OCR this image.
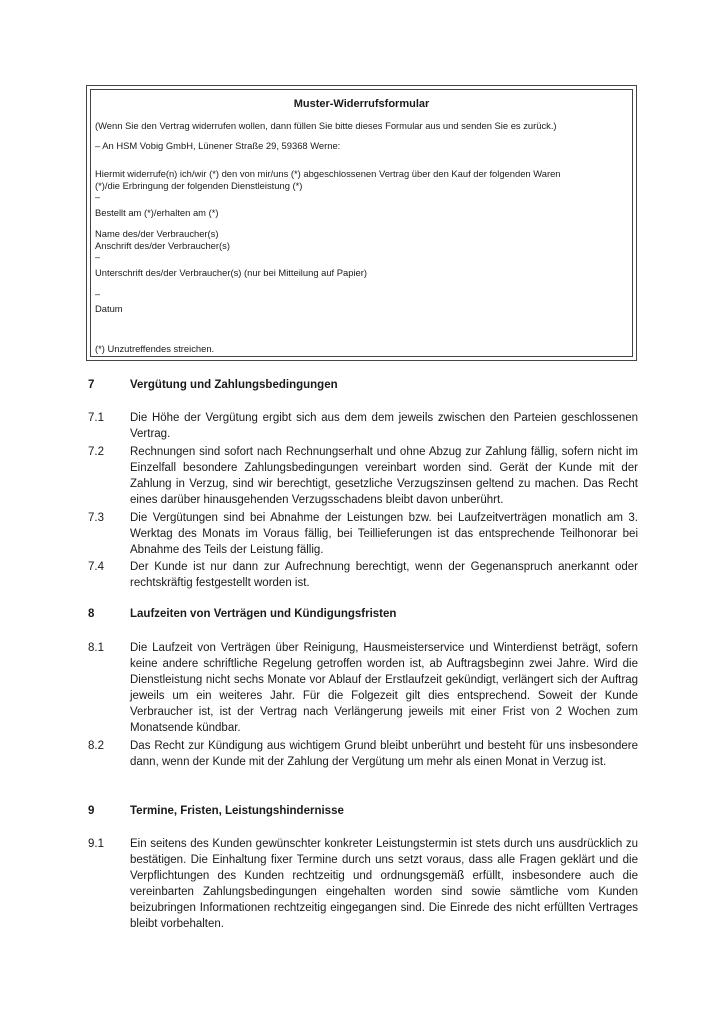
Muster-Widerrufsformular
(Wenn Sie den Vertrag widerrufen wollen, dann füllen Sie bitte dieses Formular aus und senden Sie es zurück.)
– An HSM Vobig GmbH, Lünener Straße 29, 59368 Werne:
Hiermit widerrufe(n) ich/wir (*) den von mir/uns (*) abgeschlossenen Vertrag über den Kauf der folgenden Waren
(*)/die Erbringung der folgenden Dienstleistung (*)
–
Bestellt am (*)/erhalten am (*)
Name des/der Verbraucher(s)
Anschrift des/der Verbraucher(s)
–
Unterschrift des/der Verbraucher(s) (nur bei Mitteilung auf Papier)
–
Datum
(*) Unzutreffendes streichen.
7	Vergütung und Zahlungsbedingungen
7.1 Die Höhe der Vergütung ergibt sich aus dem dem jeweils zwischen den Parteien geschlossenen Vertrag.
7.2 Rechnungen sind sofort nach Rechnungserhalt und ohne Abzug zur Zahlung fällig, sofern nicht im Einzelfall besondere Zahlungsbedingungen vereinbart worden sind. Gerät der Kunde mit der Zahlung in Verzug, sind wir berechtigt, gesetzliche Verzugszinsen geltend zu machen. Das Recht eines darüber hinausgehenden Verzugsschadens bleibt davon unberührt.
7.3 Die Vergütungen sind bei Abnahme der Leistungen bzw. bei Laufzeitverträgen monatlich am 3. Werktag des Monats im Voraus fällig, bei Teillieferungen ist das entsprechende Teilhonorar bei Abnahme des Teils der Leistung fällig.
7.4 Der Kunde ist nur dann zur Aufrechnung berechtigt, wenn der Gegenanspruch anerkannt oder rechtskräftig festgestellt worden ist.
8	Laufzeiten von Verträgen und Kündigungsfristen
8.1 Die Laufzeit von Verträgen über Reinigung, Hausmeisterservice und Winterdienst beträgt, sofern keine andere schriftliche Regelung getroffen worden ist, ab Auftragsbeginn zwei Jahre. Wird die Dienstleistung nicht sechs Monate vor Ablauf der Erstlaufzeit gekündigt, verlängert sich der Auftrag jeweils um ein weiteres Jahr. Für die Folgezeit gilt dies entsprechend. Soweit der Kunde Verbraucher ist, ist der Vertrag nach Verlängerung jeweils mit einer Frist von 2 Wochen zum Monatsende kündbar.
8.2 Das Recht zur Kündigung aus wichtigem Grund bleibt unberührt und besteht für uns insbesondere dann, wenn der Kunde mit der Zahlung der Vergütung um mehr als einen Monat in Verzug ist.
9	Termine, Fristen, Leistungshindernisse
9.1 Ein seitens des Kunden gewünschter konkreter Leistungstermin ist stets durch uns ausdrücklich zu bestätigen. Die Einhaltung fixer Termine durch uns setzt voraus, dass alle Fragen geklärt und die Verpflichtungen des Kunden rechtzeitig und ordnungsgemäß erfüllt, insbesondere auch die vereinbarten Zahlungsbedingungen eingehalten worden sind sowie sämtliche vom Kunden beizubringen Informationen rechtzeitig eingegangen sind. Die Einrede des nicht erfüllten Vertrages bleibt vorbehalten.
